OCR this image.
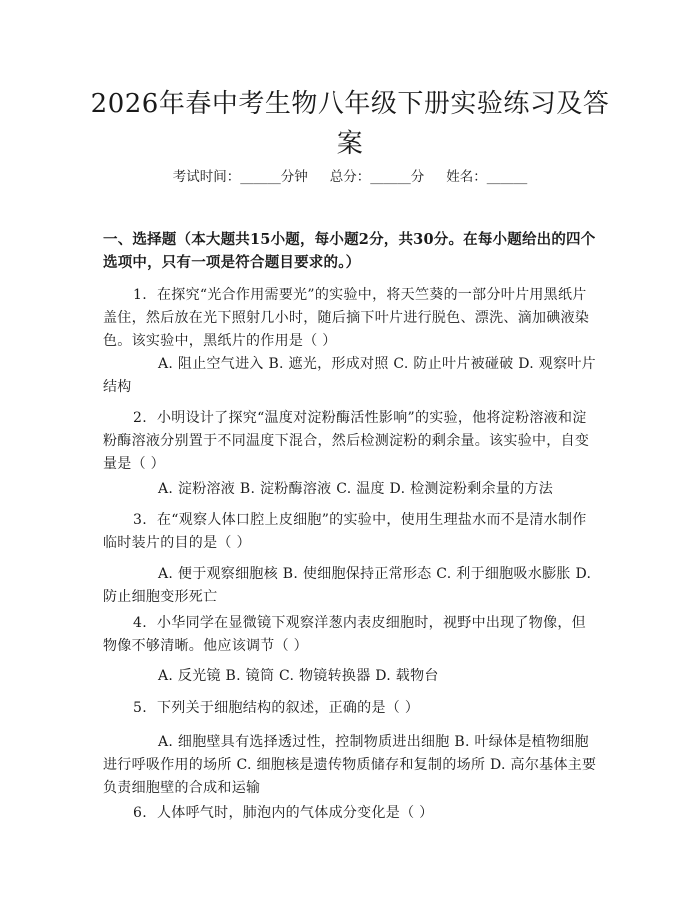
2026年春中考生物八年级下册实验练习及答案
考试时间：______分钟 总分：______分 姓名：______
一、选择题（本大题共15小题，每小题2分，共30分。在每小题给出的四个选项中，只有一项是符合题目要求的。）

1. 在探究“光合作用需要光”的实验中，将天竺葵的一部分叶片用黑纸片盖住，然后放在光下照射几小时，随后摘下叶片进行脱色、漂洗、滴加碘液染色。该实验中，黑纸片的作用是（ ）

A. 阻止空气进入 B. 遮光，形成对照 C. 防止叶片被碰破 D. 观察叶片结构

2. 小明设计了探究“温度对淀粉酶活性影响”的实验，他将淀粉溶液和淀粉酶溶液分别置于不同温度下混合，然后检测淀粉的剩余量。该实验中，自变量是（ ）

A. 淀粉溶液 B. 淀粉酶溶液 C. 温度 D. 检测淀粉剩余量的方法

3. 在“观察人体口腔上皮细胞”的实验中，使用生理盐水而不是清水制作临时装片的目的是（ ）

A. 便于观察细胞核 B. 使细胞保持正常形态 C. 利于细胞吸水膨胀 D. 防止细胞变形死亡

4. 小华同学在显微镜下观察洋葱内表皮细胞时，视野中出现了物像，但物像不够清晰。他应该调节（ ）

A. 反光镜 B. 镜筒 C. 物镜转换器 D. 载物台

5. 下列关于细胞结构的叙述，正确的是（ ）

A. 细胞壁具有选择透过性，控制物质进出细胞 B. 叶绿体是植物细胞进行呼吸作用的场所 C. 细胞核是遗传物质储存和复制的场所 D. 高尔基体主要负责细胞壁的合成和运输

6. 人体呼气时，肺泡内的气体成分变化是（ ）
